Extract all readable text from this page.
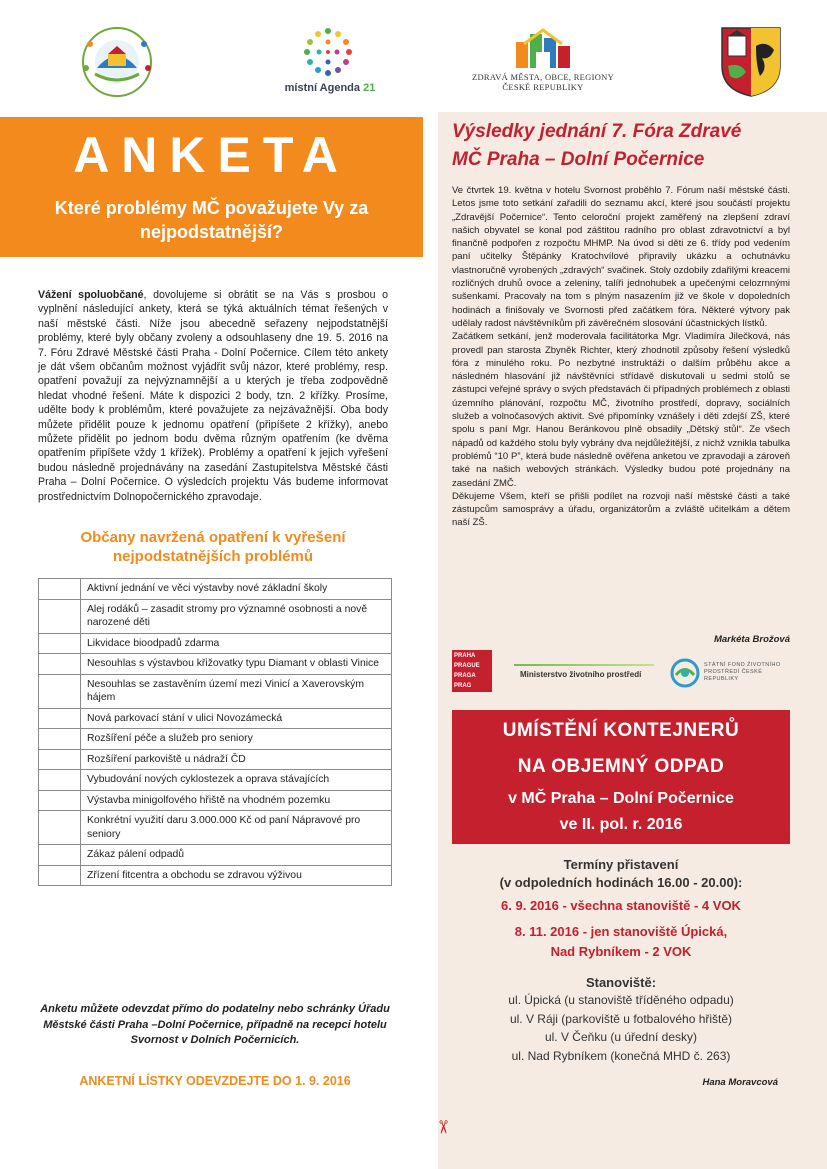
místní Agenda 21
ZDRAVÁ MĚSTA, OBCE, REGIONY
ČESKÉ REPUBLIKY
ANKETA
Které problémy MČ považujete Vy za nejpodstatnější?
Vážení spoluobčané, dovolujeme si obrátit se na Vás s prosbou o vyplnění následující ankety, která se týká aktuálních témat řešených v naší městské části. Níže jsou abecedně seřazeny nejpodstatnější problémy, které byly občany zvoleny a odsouhlaseny dne 19. 5. 2016 na 7. Fóru Zdravé Městské části Praha - Dolní Počernice. Cílem této ankety je dát všem občanům možnost vyjádřit svůj názor, které problémy, resp. opatření považují za nejvýznamnější a u kterých je třeba zodpovědně hledat vhodné řešení. Máte k dispozici 2 body, tzn. 2 křížky. Prosíme, udělte body k problémům, které považujete za nejzávažnější. Oba body můžete přidělit pouze k jednomu opatření (připíšete 2 křížky), anebo můžete přidělit po jednom bodu dvěma různým opatřením (ke dvěma opatřením připíšete vždy 1 křížek). Problémy a opatření k jejich vyřešení budou následně projednávány na zasedání Zastupitelstva Městské části Praha – Dolní Počernice. O výsledcích projektu Vás budeme informovat prostřednictvím Dolnopočernického zpravodaje.
Občany navržená opatření k vyřešení nejpodstatnějších problémů
	Aktivní jednání ve věci výstavby nové základní školy
	Alej rodáků – zasadit stromy pro významné osobnosti a nově narozené děti
	Likvidace bioodpadů zdarma
	Nesouhlas s výstavbou křižovatky typu Diamant v oblasti Vinice
	Nesouhlas se zastavěním území mezi Vinicí a Xaverovským hájem
	Nová parkovací stání v ulici Novozámecká
	Rozšíření péče a služeb pro seniory
	Rozšíření parkoviště u nádraží ČD
	Vybudování nových cyklostezek a oprava stávajících
	Výstavba minigolfového hřiště na vhodném pozemku
	Konkrétní využití daru 3.000.000 Kč od paní Nápravové pro seniory
	Zákaz pálení odpadů
	Zřízení fitcentra a obchodu se zdravou výživou
Anketu můžete odevzdat přímo do podatelny nebo schránky Úřadu Městské části Praha –Dolní Počernice, případně na recepci hotelu Svornost v Dolních Počernicích.
ANKETNÍ LÍSTKY ODEVZDEJTE DO 1. 9. 2016
Výsledky jednání 7. Fóra Zdravé
MČ Praha – Dolní Počernice

Ve čtvrtek 19. května v hotelu Svornost proběhlo 7. Fórum naší městské části. Letos jsme toto setkání zařadili do seznamu akcí, které jsou součástí projektu „Zdravější Počernice“. Tento celoroční projekt zaměřený na zlepšení zdraví našich obyvatel se konal pod záštitou radního pro oblast zdravotnictví a byl finančně podpořen z rozpočtu MHMP. Na úvod si děti ze 6. třídy pod vedením paní učitelky Štěpánky Kratochvílové připravily ukázku a ochutnávku vlastnoručně vyrobených „zdravých“ svačinek. Stoly ozdobily zdařilými kreacemi rozličných druhů ovoce a zeleniny, talíři jednohubek a upečenými celozrnnými sušenkami. Pracovaly na tom s plným nasazením již ve škole v dopoledních hodinách a finišovaly ve Svornosti před začátkem fóra. Některé výtvory pak udělaly radost návštěvníkům při závěrečném slosování účastnických lístků.

Začátkem setkání, jenž moderovala facilitátorka Mgr. Vladimíra Jilečková, nás provedl pan starosta Zbyněk Richter, který zhodnotil způsoby řešení výsledků fóra z minulého roku. Po nezbytné instruktáži o dalším průběhu akce a následném hlasování již návštěvníci střídavě diskutovali u sedmi stolů se zástupci veřejné správy o svých představách či případných problémech z oblasti územního plánování, rozpočtu MČ, životního prostředí, dopravy, sociálních služeb a volnočasových aktivit. Své připomínky vznášely i děti zdejší ZŠ, které spolu s paní Mgr. Hanou Beránkovou plně obsadily „Dětský stůl“. Ze všech nápadů od každého stolu byly vybrány dva nejdůležitější, z nichž vznikla tabulka problémů “10 P”, která bude následně ověřena anketou ve zpravodaji a zároveň také na našich webových stránkách. Výsledky budou poté projednány na zasedání ZMČ.

Děkujeme Všem, kteří se přišli podílet na rozvoji naší městské části a také zástupcům samosprávy a úřadu, organizátorům a zvláště učitelkám a dětem naší ZŠ.

Markéta Brožová
PRAHA
PRAGUE
PRAGA
PRAG
Ministerstvo životního prostředí
STÁTNÍ FOND ŽIVOTNÍHO PROSTŘEDÍ ČESKÉ REPUBLIKY
UMÍSTĚNÍ KONTEJNERŮ
NA OBJEMNÝ ODPAD
v MČ Praha – Dolní Počernice
ve II. pol. r. 2016
Termíny přistavení
(v odpoledních hodinách 16.00 - 20.00):
6. 9. 2016 - všechna stanoviště - 4 VOK
8. 11. 2016 - jen stanoviště Úpická,
Nad Rybníkem - 2 VOK
Stanoviště:
ul. Úpická (u stanoviště tříděného odpadu)
ul. V Ráji (parkoviště u fotbalového hřiště)
ul. V Čeňku (u úřední desky)
ul. Nad Rybníkem (konečná MHD č. 263)
Hana Moravcová
✂
